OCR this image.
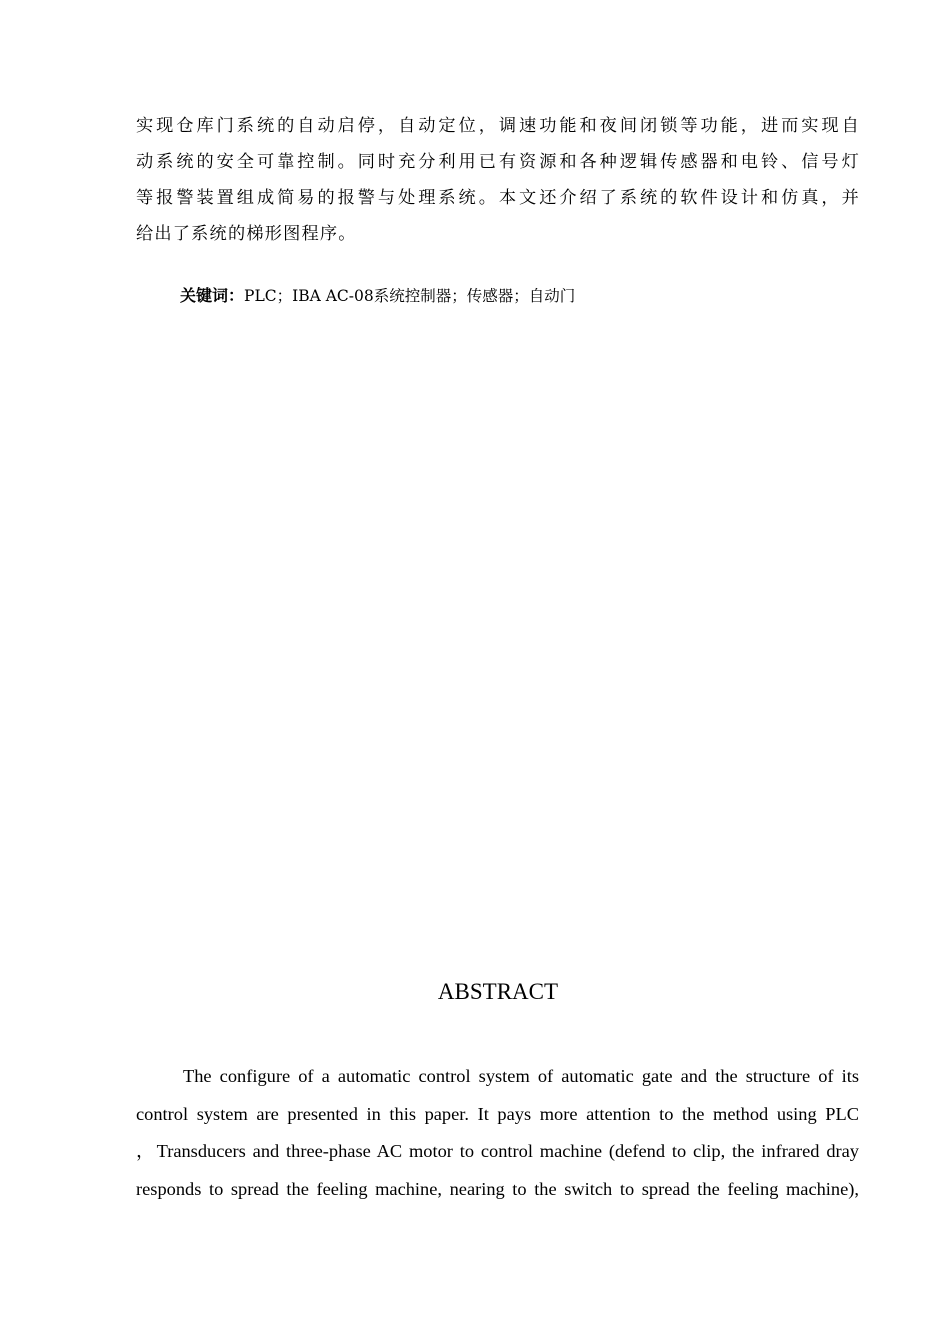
实现仓库门系统的自动启停，自动定位，调速功能和夜间闭锁等功能，进而实现自
动系统的安全可靠控制。同时充分利用已有资源和各种逻辑传感器和电铃、信号灯
等报警装置组成简易的报警与处理系统。本文还介绍了系统的软件设计和仿真，并
给出了系统的梯形图程序。

关键词：PLC；IBA AC-08系统控制器；传感器；自动门

ABSTRACT

The configure of a automatic control system of automatic gate and the structure of its
control system are presented in this paper. It pays more attention to the method using PLC
，Transducers and three-phase AC motor to control machine (defend to clip, the infrared dray
responds to spread the feeling machine, nearing to the switch to spread the feeling machine),
